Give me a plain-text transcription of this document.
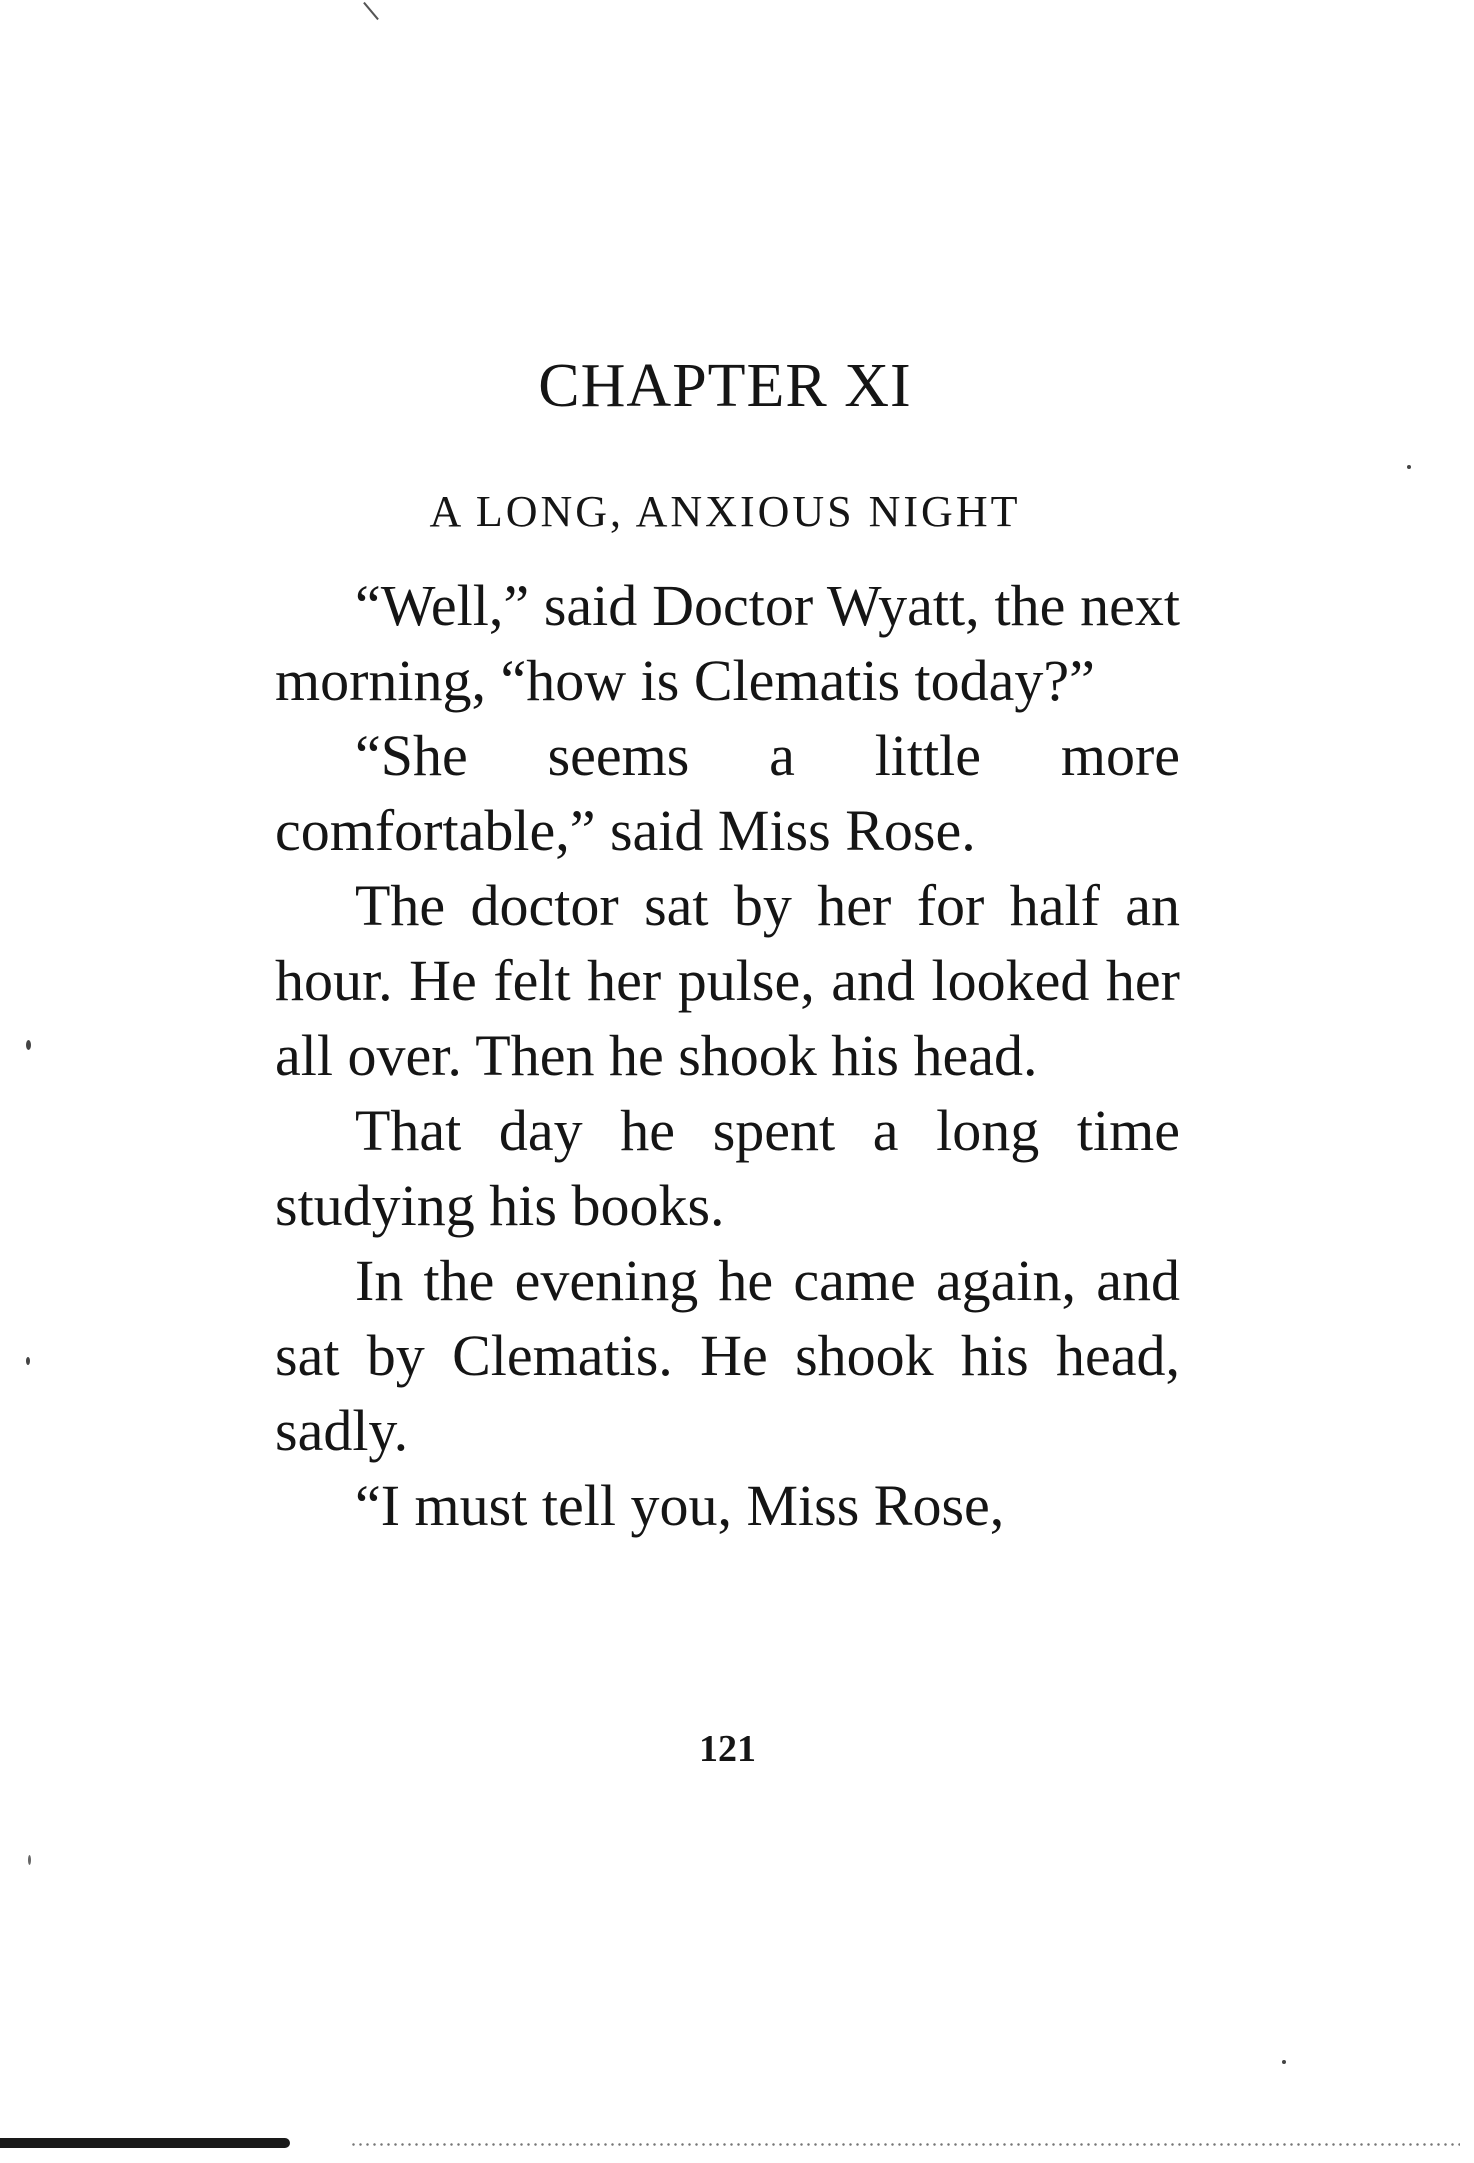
CHAPTER XI
A LONG, ANXIOUS NIGHT

“Well,” said Doctor Wyatt, the next morning, “how is Clematis today?”

“She seems a little more comfortable,” said Miss Rose.

The doctor sat by her for half an hour. He felt her pulse, and looked her all over. Then he shook his head.

That day he spent a long time studying his books.

In the evening he came again, and sat by Clematis. He shook his head, sadly.

“I must tell you, Miss Rose,

121
